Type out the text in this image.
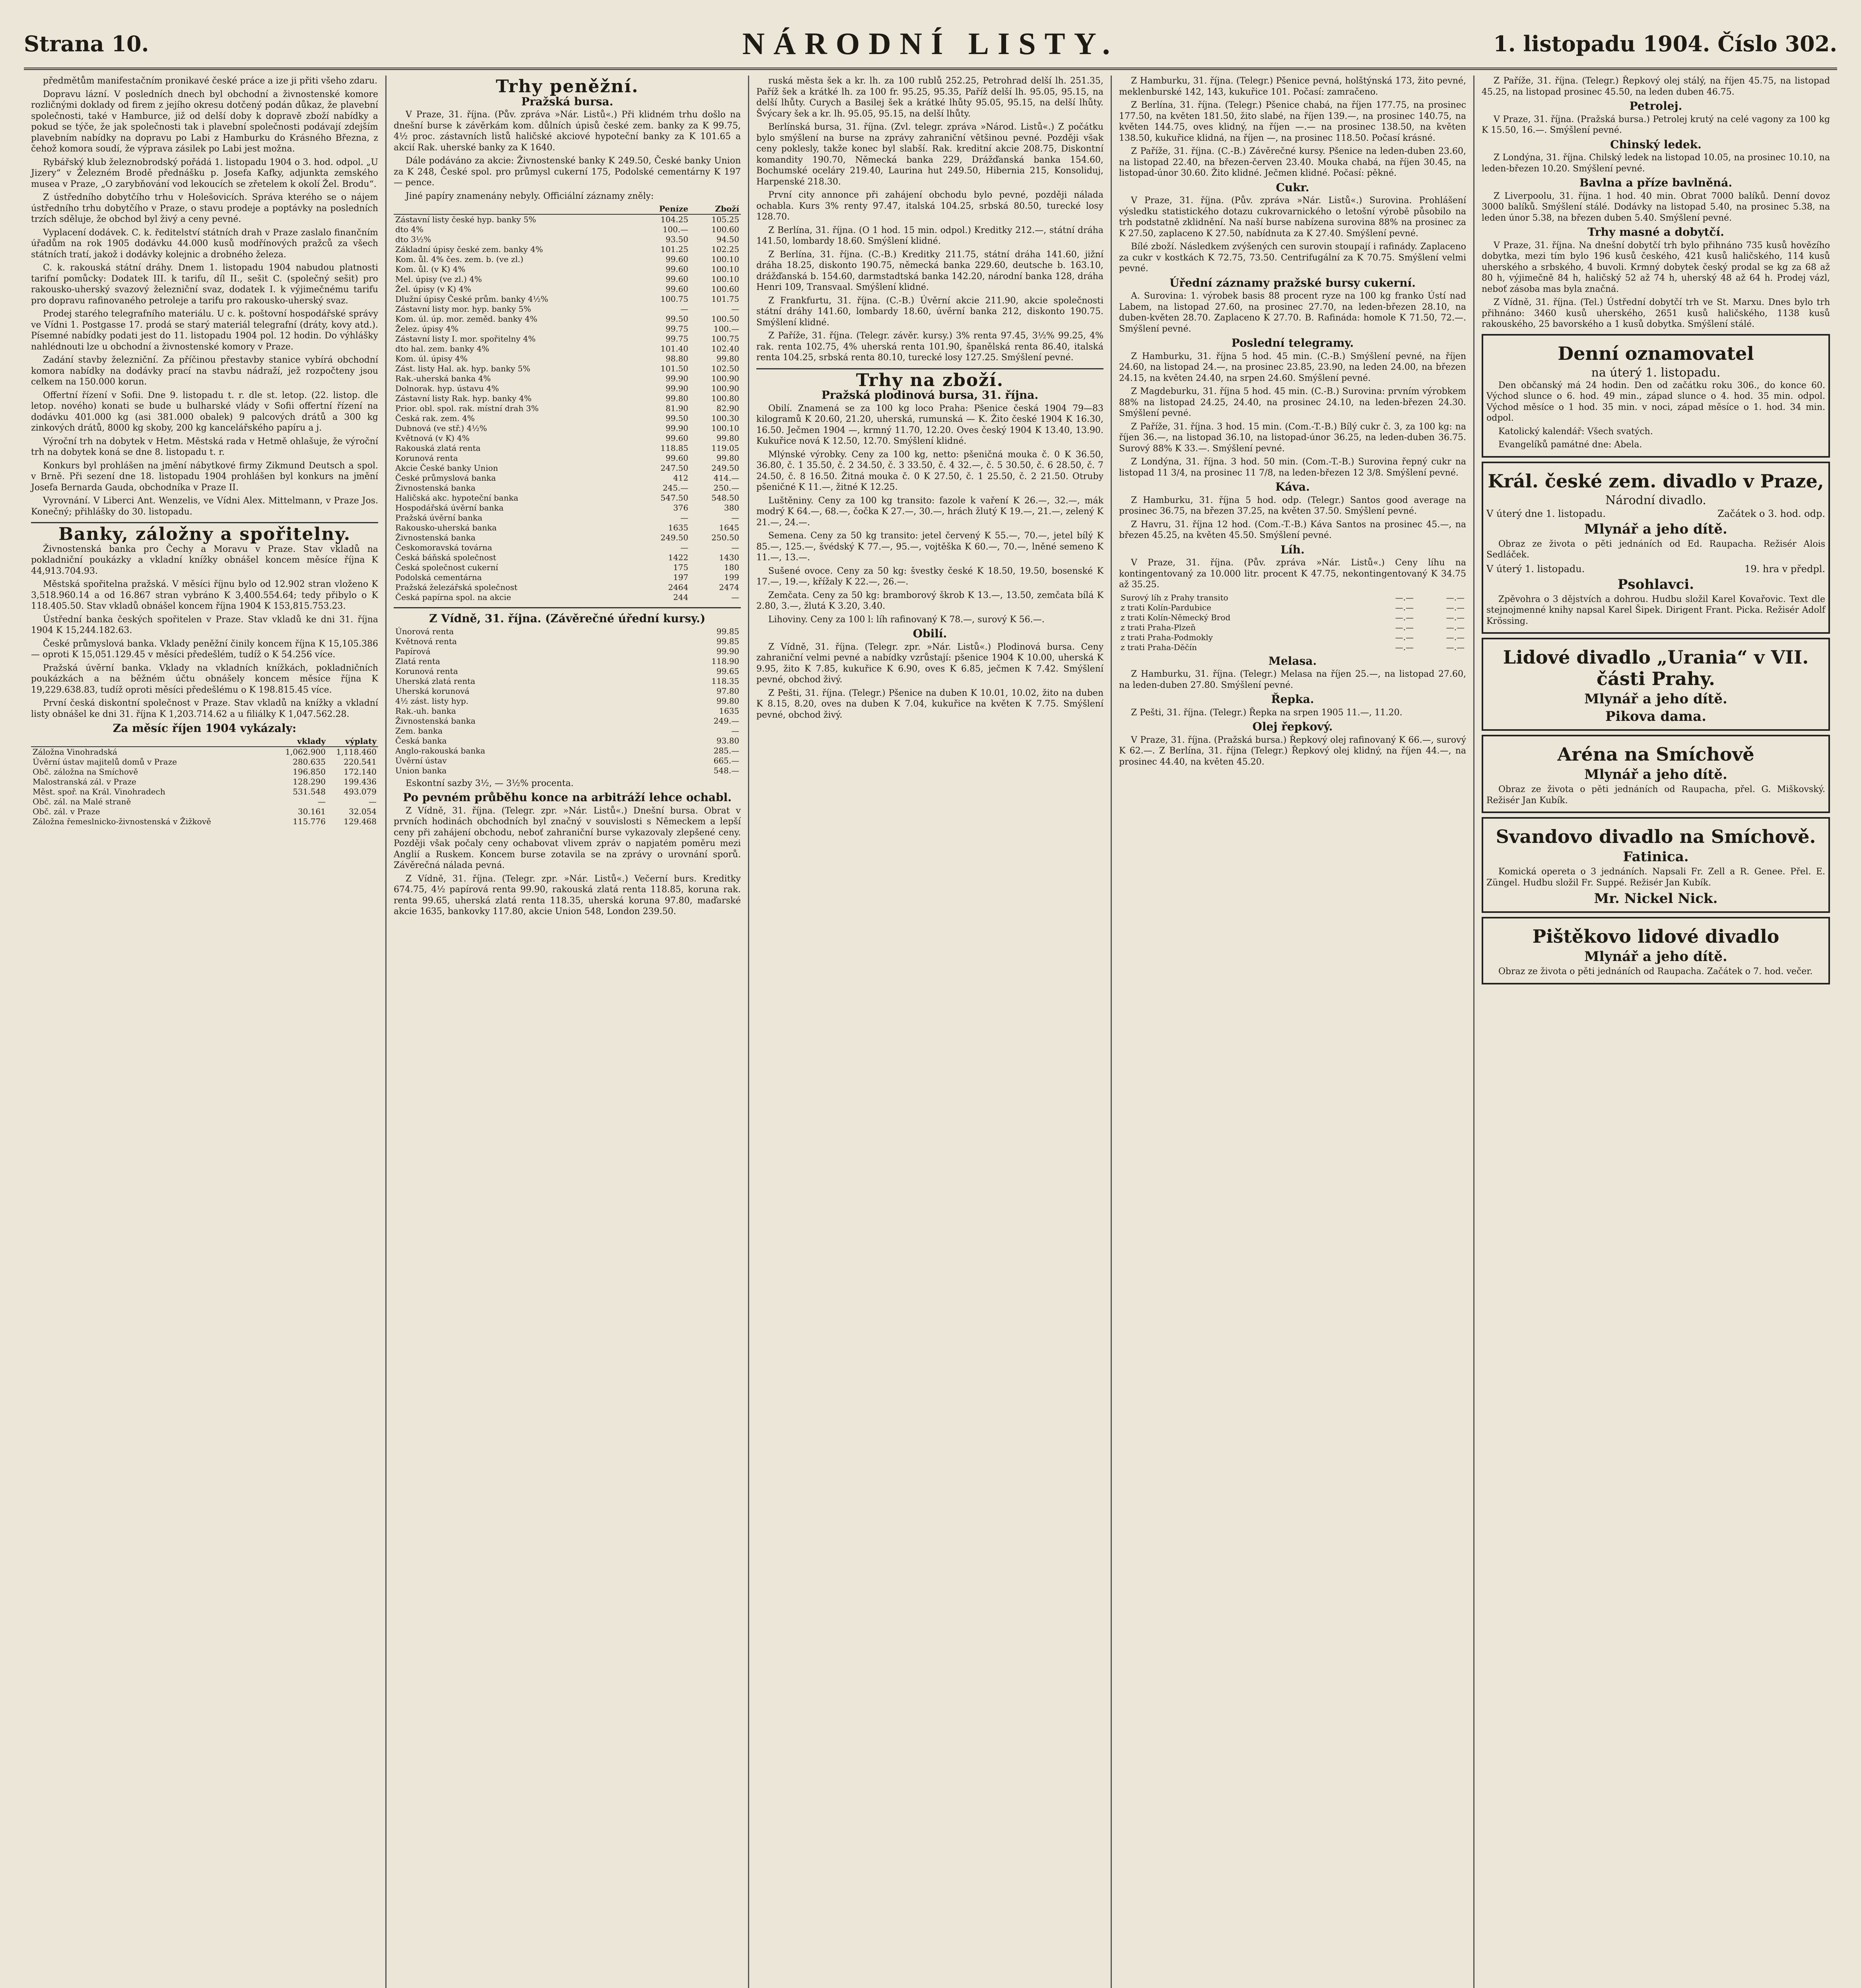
Strana 10.	NÁRODNÍ LISTY.	1. listopadu 1904. Číslo 302.

předmětům manifestačním pronikavé české práce a ize ji přiti všeho zdaru.

Dopravu lázní. V posledních dnech byl obchodní a živnostenské komore rozličnými doklady od firem z jejího okresu dotčený podán důkaz, že plavební společnosti, také v Hamburce, již od delší doby k dopravě zboží nabídky a pokud se týče, že jak společnosti tak i plavební společnosti podávají zdejším plavebním nabídky na dopravu po Labi z Hamburku do Krásného Března, z čehož komora soudí, že výprava zásilek po Labi jest možna.

Rybářský klub železnobrodský pořádá 1. listopadu 1904 o 3. hod. odpol. „U Jizery“ v Železném Brodě přednášku p. Josefa Kafky, adjunkta zemského musea v Praze, „O zarybňování vod lekoucích se zřetelem k okolí Žel. Brodu“.

Z ústředního dobytčího trhu v Holešovicích. Správa kterého se o nájem ústředního trhu dobytčího v Praze, o stavu prodeje a poptávky na posledních trzích sděluje, že obchod byl živý a ceny pevné.

Vyplacení dodávek. C. k. ředitelství státních drah v Praze zaslalo finančním úřadům na rok 1905 dodávku 44.000 kusů modřínových pražců za všech státních tratí, jakož i dodávky kolejnic a drobného železa.

C. k. rakouská státní dráhy. Dnem 1. listopadu 1904 nabudou platnosti tarifní pomůcky: Dodatek III. k tarifu, díl II., sešit C. (společný sešit) pro rakousko-uherský svazový železniční svaz, dodatek I. k výjimečnému tarifu pro dopravu rafinovaného petroleje a tarifu pro rakousko-uherský svaz.

Prodej starého telegrafního materiálu. U c. k. poštovní hospodářské správy ve Vídni 1. Postgasse 17. prodá se starý materiál telegrafní (dráty, kovy atd.). Písemné nabídky podati jest do 11. listopadu 1904 pol. 12 hodin. Do výhlášky nahlédnouti lze u obchodní a živnostenské komory v Praze.

Zadání stavby železniční. Za příčinou přestavby stanice vybírá obchodní komora nabídky na dodávky prací na stavbu nádraží, jež rozpočteny jsou celkem na 150.000 korun.

Offertní řízení v Sofii. Dne 9. listopadu t. r. dle st. letop. (22. listop. dle letop. nového) konati se bude u bulharské vlády v Sofii offertní řízení na dodávku 401.000 kg (asi 381.000 obalek) 9 palcových drátů a 300 kg zinkových drátů, 8000 kg skoby, 200 kg kancelářského papíru a j.

Výroční trh na dobytek v Hetm. Městská rada v Hetmě ohlašuje, že výroční trh na dobytek koná se dne 8. listopadu t. r.

Konkurs byl prohlášen na jmění nábytkové firmy Zikmund Deutsch a spol. v Brně. Při sezení dne 18. listopadu 1904 prohlášen byl konkurs na jmění Josefa Bernarda Gauda, obchodníka v Praze II.

Vyrovnání. V Liberci Ant. Wenzelis, ve Vídni Alex. Mittelmann, v Praze Jos. Konečný; přihlášky do 30. listopadu.

Banky, záložny a spořitelny.

Živnostenská banka pro Čechy a Moravu v Praze. Stav vkladů na pokladniční poukázky a vkladní knížky obnášel koncem měsíce října K 44,913.704.93.

Městská spořitelna pražská. V měsíci říjnu bylo od 12.902 stran vloženo K 3,518.960.14 a od 16.867 stran vybráno K 3,400.554.64; tedy přibylo o K 118.405.50. Stav vkladů obnášel koncem října 1904 K 153,815.753.23.

Ústřední banka českých spořitelen v Praze. Stav vkladů ke dni 31. října 1904 K 15,244.182.63.

České průmyslová banka. Vklady peněžní činily koncem října K 15,105.386 — oproti K 15,051.129.45 v měsíci předešlém, tudíž o K 54.256 více.

Pražská úvěrní banka. Vklady na vkladních knížkách, pokladničních poukázkách a na běžném účtu obnášely koncem měsíce října K 19,229.638.83, tudíž oproti měsíci předešlému o K 198.815.45 více.

První česká diskontní společnost v Praze. Stav vkladů na knížky a vkladní listy obnášel ke dni 31. října K 1,203.714.62 a u filiálky K 1,047.562.28.

Za měsíc říjen 1904 vykázaly:
	vklady	výplaty
Záložna Vinohradská	1,062.900	1,118.460
Úvěrní ústav majitelů domů v Praze	280.635	220.541
Obč. záložna na Smíchově	196.850	172.140
Malostranská zál. v Praze	128.290	199.436
Měst. spoř. na Král. Vinohradech	531.548	493.079
Obč. zál. na Malé straně	—	—
Obč. zál. v Praze	30.161	32.054
Záložna řemeslnicko-živnostenská v Žižkově	115.776	129.468
Trhy peněžní.
Pražská bursa.

V Praze, 31. října. (Pův. zpráva »Nár. Listů«.) Při klidném trhu došlo na dnešní burse k závěrkám kom. důlních úpisů české zem. banky za K 99.75, 4½ proc. zástavních listů haličské akciové hypoteční banky za K 101.65 a akcií Rak. uherské banky za K 1640.

Dále podáváno za akcie: Živnostenské banky K 249.50, České banky Union za K 248, České spol. pro průmysl cukerní 175, Podolské cementárny K 197 — pence.

Jiné papíry znamenány nebyly. Officiální záznamy zněly:

	Peníze	Zboží
Zástavní listy české hyp. banky 5%	104.25	105.25
dto 4%	100.—	100.60
dto 3½%	93.50	94.50
Základní úpisy české zem. banky 4%	101.25	102.25
Kom. ůl. 4% čes. zem. b. (ve zl.)	99.60	100.10
Kom. ůl. (v K) 4%	99.60	100.10
Mel. úpisy (ve zl.) 4%	99.60	100.10
Žel. úpisy (v K) 4%	99.60	100.60
Dlužní úpisy České prům. banky 4½%	100.75	101.75
Zástavní listy mor. hyp. banky 5%	—	—
Kom. úl. úp. mor. zeměd. banky 4%	99.50	100.50
Želez. úpisy 4%	99.75	100.—
Zástavní listy I. mor. spořitelny 4%	99.75	100.75
dto hal. zem. banky 4%	101.40	102.40
Kom. úl. úpisy 4%	98.80	99.80
Zást. listy Hal. ak. hyp. banky 5%	101.50	102.50
Rak.-uherská banka 4%	99.90	100.90
Dolnorak. hyp. ústavu 4%	99.90	100.90
Zástavní listy Rak. hyp. banky 4%	99.80	100.80
Prior. obl. spol. rak. místní drah 3%	81.90	82.90
Česká rak. zem. 4%	99.50	100.30
Dubnová (ve stř.) 4½%	99.90	100.10
Květnová (v K) 4%	99.60	99.80
Rakouská zlatá renta	118.85	119.05
Korunová renta	99.60	99.80
Akcie České banky Union	247.50	249.50
České průmyslová banka	412	414.—
Živnostenská banka	245.—	250.—
Haličská akc. hypoteční banka	547.50	548.50
Hospodářská úvěrní banka	376	380
Pražská úvěrní banka	—	—
Rakousko-uherská banka	1635	1645
Živnostenská banka	249.50	250.50
Českomoravská továrna	—	—
Česká báňská společnost	1422	1430
Česká společnost cukerní	175	180
Podolská cementárna	197	199
Pražská železářská společnost	2464	2474
Česká papírna spol. na akcie	244	—
Z Vídně, 31. října. (Závěrečné úřední kursy.)
Únorová renta	99.85
Květnová renta	99.85
Papírová	99.90
Zlatá renta	118.90
Korunová renta	99.65
Uherská zlatá renta	118.35
Uherská korunová	97.80
4½ zást. listy hyp.	99.80
Rak.-uh. banka	1635
Živnostenská banka	249.—
Zem. banka	—
Česká banka	93.80
Anglo-rakouská banka	285.—
Úvěrní ústav	665.—
Union banka	548.—

Eskontní sazby 3½, — 3½% procenta.

Po pevném průběhu konce na arbitráží lehce ochabl.

Z Vídně, 31. října. (Telegr. zpr. »Nár. Listů«.) Dnešní bursa. Obrat v prvních hodinách obchodních byl značný v souvislosti s Německem a lepší ceny při zahájení obchodu, neboť zahraniční burse vykazovaly zlepšené ceny. Později však počaly ceny ochabovat vlivem zpráv o napjatém poměru mezi Anglií a Ruskem. Koncem burse zotavila se na zprávy o urovnání sporů. Závěrečná nálada pevná.

Z Vídně, 31. října. (Telegr. zpr. »Nár. Listů«.) Večerní burs. Kreditky 674.75, 4½ papírová renta 99.90, rakouská zlatá renta 118.85, koruna rak. renta 99.65, uherská zlatá renta 118.35, uherská koruna 97.80, maďarské akcie 1635, bankovky 117.80, akcie Union 548, London 239.50.

ruská města šek a kr. lh. za 100 rublů 252.25, Petrohrad delší lh. 251.35, Paříž šek a krátké lh. za 100 fr. 95.25, 95.35, Paříž delší lh. 95.05, 95.15, na delší lhůty. Curych a Basilej šek a krátké lhůty 95.05, 95.15, na delší lhůty. Švýcary šek a kr. lh. 95.05, 95.15, na delší lhůty.

Berlínská bursa, 31. října. (Zvl. telegr. zpráva »Národ. Listů«.) Z počátku bylo smýšlení na burse na zprávy zahraniční většinou pevné. Později však ceny poklesly, takže konec byl slabší. Rak. kreditní akcie 208.75, Diskontní komandity 190.70, Německá banka 229, Drážďanská banka 154.60, Bochumské oceláry 219.40, Laurina hut 249.50, Hibernia 215, Konsoliduj, Harpenské 218.30.

První city annonce při zahájení obchodu bylo pevné, později nálada ochabla. Kurs 3% renty 97.47, italská 104.25, srbská 80.50, turecké losy 128.70.

Z Berlína, 31. října. (O 1 hod. 15 min. odpol.) Kreditky 212.—, státní dráha 141.50, lombardy 18.60. Smýšlení klidné.

Z Berlína, 31. října. (C.-B.) Kreditky 211.75, státní dráha 141.60, jižní dráha 18.25, diskonto 190.75, německá banka 229.60, deutsche b. 163.10, drážďanská b. 154.60, darmstadtská banka 142.20, národní banka 128, dráha Henri 109, Transvaal. Smýšlení klidné.

Z Frankfurtu, 31. října. (C.-B.) Úvěrní akcie 211.90, akcie společnosti státní dráhy 141.60, lombardy 18.60, úvěrní banka 212, diskonto 190.75. Smýšlení klidné.

Z Paříže, 31. října. (Telegr. závěr. kursy.) 3% renta 97.45, 3½% 99.25, 4% rak. renta 102.75, 4% uherská renta 101.90, španělská renta 86.40, italská renta 104.25, srbská renta 80.10, turecké losy 127.25. Smýšlení pevné.

Trhy na zboží.
Pražská plodinová bursa, 31. října.

Obilí. Znamená se za 100 kg loco Praha: Pšenice česká 1904 79—83 kilogramů K 20.60, 21.20, uherská, rumunská — K. Žito české 1904 K 16.30, 16.50. Ječmen 1904 —, krmný 11.70, 12.20. Oves český 1904 K 13.40, 13.90. Kukuřice nová K 12.50, 12.70. Smýšlení klidné.

Mlýnské výrobky. Ceny za 100 kg, netto: pšeničná mouka č. 0 K 36.50, 36.80, č. 1 35.50, č. 2 34.50, č. 3 33.50, č. 4 32.—, č. 5 30.50, č. 6 28.50, č. 7 24.50, č. 8 16.50. Žitná mouka č. 0 K 27.50, č. 1 25.50, č. 2 21.50. Otruby pšeničné K 11.—, žitné K 12.25.

Luštěniny. Ceny za 100 kg transito: fazole k vaření K 26.—, 32.—, mák modrý K 64.—, 68.—, čočka K 27.—, 30.—, hrách žlutý K 19.—, 21.—, zelený K 21.—, 24.—.

Semena. Ceny za 50 kg transito: jetel červený K 55.—, 70.—, jetel bílý K 85.—, 125.—, švédský K 77.—, 95.—, vojtěška K 60.—, 70.—, lněné semeno K 11.—, 13.—.

Sušené ovoce. Ceny za 50 kg: švestky české K 18.50, 19.50, bosenské K 17.—, 19.—, křížaly K 22.—, 26.—.

Zemčata. Ceny za 50 kg: bramborový škrob K 13.—, 13.50, zemčata bílá K 2.80, 3.—, žlutá K 3.20, 3.40.

Lihoviny. Ceny za 100 l: líh rafinovaný K 78.—, surový K 56.—.

Obilí.

Z Vídně, 31. října. (Telegr. zpr. »Nár. Listů«.) Plodinová bursa. Ceny zahraniční velmi pevné a nabídky vzrůstají: pšenice 1904 K 10.00, uherská K 9.95, žito K 7.85, kukuřice K 6.90, oves K 6.85, ječmen K 7.42. Smýšlení pevné, obchod živý.

Z Pešti, 31. října. (Telegr.) Pšenice na duben K 10.01, 10.02, žito na duben K 8.15, 8.20, oves na duben K 7.04, kukuřice na květen K 7.75. Smýšlení pevné, obchod živý.

Z Hamburku, 31. října. (Telegr.) Pšenice pevná, holštýnská 173, žito pevné, meklenburské 142, 143, kukuřice 101. Počasí: zamračeno.

Z Berlína, 31. října. (Telegr.) Pšenice chabá, na říjen 177.75, na prosinec 177.50, na květen 181.50, žito slabé, na říjen 139.—, na prosinec 140.75, na květen 144.75, oves klidný, na říjen —.— na prosinec 138.50, na květen 138.50, kukuřice klidná, na říjen —, na prosinec 118.50. Počasí krásné.

Z Paříže, 31. října. (C.-B.) Závěrečné kursy. Pšenice na leden-duben 23.60, na listopad 22.40, na březen-červen 23.40. Mouka chabá, na říjen 30.45, na listopad-únor 30.60. Žito klidné. Ječmen klidné. Počasí: pěkné.

Cukr.

V Praze, 31. října. (Pův. zpráva »Nár. Listů«.) Surovina. Prohlášení výsledku statistického dotazu cukrovarnického o letošní výrobě působilo na trh podstatně zklidnění. Na naší burse nabízena surovina 88% na prosinec za K 27.50, zaplaceno K 27.50, nabídnuta za K 27.40. Smýšlení pevné.

Bílé zboží. Následkem zvýšených cen surovin stoupají i rafinády. Zaplaceno za cukr v kostkách K 72.75, 73.50. Centrifugální za K 70.75. Smýšlení velmi pevné.

Úřední záznamy pražské bursy cukerní.

A. Surovina: 1. výrobek basis 88 procent ryze na 100 kg franko Ústí nad Labem, na listopad 27.60, na prosinec 27.70, na leden-březen 28.10, na duben-květen 28.70. Zaplaceno K 27.70. B. Rafináda: homole K 71.50, 72.—. Smýšlení pevné.

Poslední telegramy.

Z Hamburku, 31. října 5 hod. 45 min. (C.-B.) Smýšlení pevné, na říjen 24.60, na listopad 24.—, na prosinec 23.85, 23.90, na leden 24.00, na březen 24.15, na květen 24.40, na srpen 24.60. Smýšlení pevné.

Z Magdeburku, 31. října 5 hod. 45 min. (C.-B.) Surovina: prvním výrobkem 88% na listopad 24.25, 24.40, na prosinec 24.10, na leden-březen 24.30. Smýšlení pevné.

Z Paříže, 31. října. 3 hod. 15 min. (Com.-T.-B.) Bílý cukr č. 3, za 100 kg: na říjen 36.—, na listopad 36.10, na listopad-únor 36.25, na leden-duben 36.75. Surový 88% K 33.—. Smýšlení pevné.

Z Londýna, 31. října. 3 hod. 50 min. (Com.-T.-B.) Surovina řepný cukr na listopad 11 3/4, na prosinec 11 7/8, na leden-březen 12 3/8. Smýšlení pevné.

Káva.

Z Hamburku, 31. října 5 hod. odp. (Telegr.) Santos good average na prosinec 36.75, na březen 37.25, na květen 37.50. Smýšlení pevné.

Z Havru, 31. října 12 hod. (Com.-T.-B.) Káva Santos na prosinec 45.—, na březen 45.25, na květen 45.50. Smýšlení pevné.

Líh.

V Praze, 31. října. (Pův. zpráva »Nár. Listů«.) Ceny líhu na kontingentovaný za 10.000 litr. procent K 47.75, nekontingentovaný K 34.75 až 35.25.

Surový líh z Prahy transito	—.—	—.—
z trati Kolín-Pardubice	—.—	—.—
z trati Kolín-Německý Brod	—.—	—.—
z trati Praha-Plzeň	—.—	—.—
z trati Praha-Podmokly	—.—	—.—
z trati Praha-Děčín	—.—	—.—
Melasa.

Z Hamburku, 31. října. (Telegr.) Melasa na říjen 25.—, na listopad 27.60, na leden-duben 27.80. Smýšlení pevné.

Řepka.

Z Pešti, 31. října. (Telegr.) Řepka na srpen 1905 11.—, 11.20.

Olej řepkový.

V Praze, 31. října. (Pražská bursa.) Řepkový olej rafinovaný K 66.—, surový K 62.—. Z Berlína, 31. října (Telegr.) Řepkový olej klidný, na říjen 44.—, na prosinec 44.40, na květen 45.20.

Z Paříže, 31. října. (Telegr.) Řepkový olej stálý, na říjen 45.75, na listopad 45.25, na listopad prosinec 45.50, na leden duben 46.75.

Petrolej.

V Praze, 31. října. (Pražská bursa.) Petrolej krutý na celé vagony za 100 kg K 15.50, 16.—. Smýšlení pevné.

Chinský ledek.

Z Londýna, 31. října. Chilský ledek na listopad 10.05, na prosinec 10.10, na leden-březen 10.20. Smýšlení pevné.

Bavlna a příze bavlněná.

Z Liverpoolu, 31. října. 1 hod. 40 min. Obrat 7000 balíků. Denní dovoz 3000 balíků. Smýšlení stálé. Dodávky na listopad 5.40, na prosinec 5.38, na leden únor 5.38, na březen duben 5.40. Smýšlení pevné.

Trhy masné a dobytčí.

V Praze, 31. října. Na dnešní dobytčí trh bylo přihnáno 735 kusů hovězího dobytka, mezi tím bylo 196 kusů českého, 421 kusů haličského, 114 kusů uherského a srbského, 4 buvoli. Krmný dobytek český prodal se kg za 68 až 80 h, výjimečně 84 h, haličský 52 až 74 h, uherský 48 až 64 h. Prodej vázl, neboť zásoba mas byla značná.

Z Vídně, 31. října. (Tel.) Ústřední dobytčí trh ve St. Marxu. Dnes bylo trh přihnáno: 3460 kusů uherského, 2651 kusů haličského, 1138 kusů rakouského, 25 bavorského a 1 kusů dobytka. Smýšlení stálé.

Denní oznamovatel
na úterý 1. listopadu.

Den občanský má 24 hodin. Den od začátku roku 306., do konce 60. Východ slunce o 6. hod. 49 min., západ slunce o 4. hod. 35 min. odpol. Východ měsíce o 1 hod. 35 min. v noci, západ měsíce o 1. hod. 34 min. odpol.

Katolický kalendář: Všech svatých.

Evangelíků památné dne: Abela.

Král. české zem. divadlo v Praze,
Národní divadlo.
V úterý dne 1. listopadu.	Začátek o 3. hod. odp.
Mlynář a jeho dítě.

Obraz ze života o pěti jednáních od Ed. Raupacha. Režisér Alois Sedláček.

V úterý 1. listopadu.	19. hra v předpl.
Psohlavci.

Zpěvohra o 3 dějstvích a dohrou. Hudbu složil Karel Kovařovic. Text dle stejnojmenné knihy napsal Karel Šipek. Dirigent Frant. Picka. Režisér Adolf Krössing.

Lidové divadlo „Urania“ v VII. části Prahy.
Mlynář a jeho dítě.
Pikova dama.
Aréna na Smíchově
Mlynář a jeho dítě.

Obraz ze života o pěti jednáních od Raupacha, přel. G. Miškovský. Režisér Jan Kubík.

Svandovo divadlo na Smíchově.
Fatinica.

Komická opereta o 3 jednáních. Napsali Fr. Zell a R. Genee. Přel. E. Züngel. Hudbu složil Fr. Suppé. Režisér Jan Kubík.

Mr. Nickel Nick.
Pištěkovo lidové divadlo
Mlynář a jeho dítě.

Obraz ze života o pěti jednáních od Raupacha. Začátek o 7. hod. večer.
